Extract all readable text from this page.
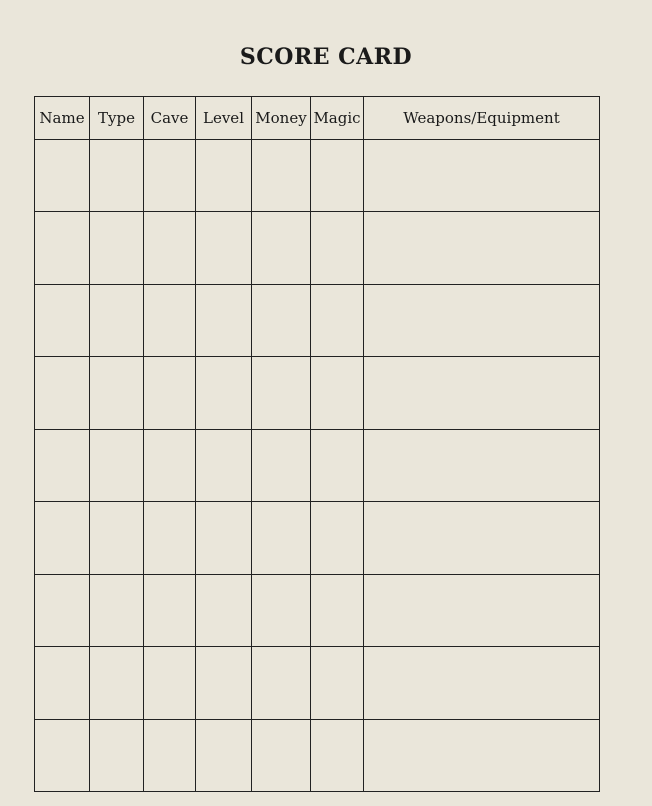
SCORE CARD
Name	Type	Cave	Level	Money	Magic	Weapons/Equipment
